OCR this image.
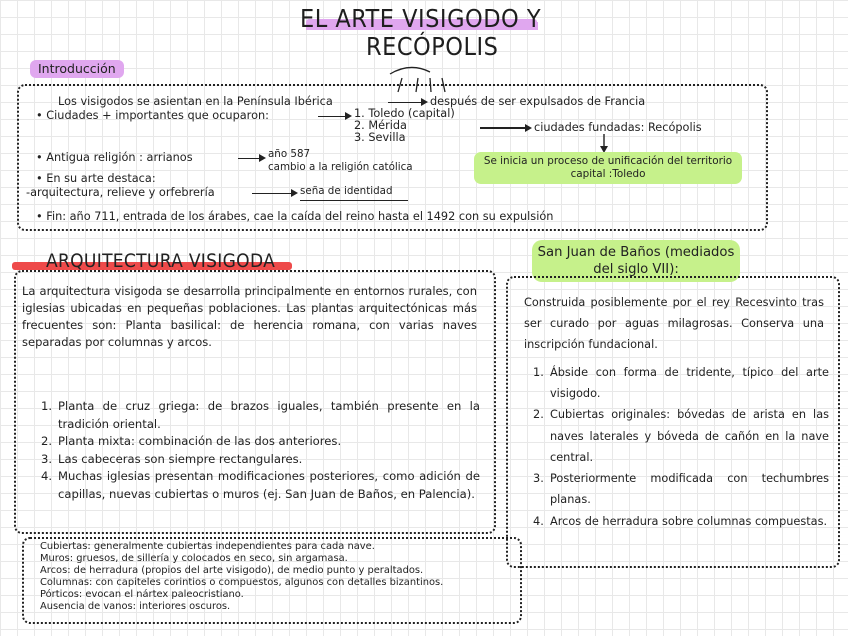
EL ARTE VISIGODO Y
RECÓPOLIS
Introducción
Los visigodos se asientan en la Península Ibérica	después de ser expulsados de Francia
• Ciudades + importantes que ocuparon:	1. Toledo (capital)
2. Mérida
3. Sevilla
ciudades fundadas: Recópolis
• Antigua religión : arrianos	año 587
cambio a la religión católica	Se inicia un proceso de unificación del territorio capital :Toledo
• En su arte destaca:
-arquitectura, relieve y orfebrería	seña de identidad
• Fin: año 711, entrada de los árabes, cae la caída del reino hasta el 1492 con su expulsión
ARQUITECTURA VISIGODA
La arquitectura visigoda se desarrolla principalmente en entornos rurales, con iglesias ubicadas en pequeñas poblaciones. Las plantas arquitectónicas más frecuentes son: Planta basilical: de herencia romana, con varias naves separadas por columnas y arcos.
Planta de cruz griega: de brazos iguales, también presente en la tradición oriental.
Planta mixta: combinación de las dos anteriores.
Las cabeceras son siempre rectangulares.
Muchas iglesias presentan modificaciones posteriores, como adición de capillas, nuevas cubiertas o muros (ej. San Juan de Baños, en Palencia).
Cubiertas: generalmente cubiertas independientes para cada nave.
Muros: gruesos, de sillería y colocados en seco, sin argamasa.
Arcos: de herradura (propios del arte visigodo), de medio punto y peraltados.
Columnas: con capiteles corintios o compuestos, algunos con detalles bizantinos.
Pórticos: evocan el nártex paleocristiano.
Ausencia de vanos: interiores oscuros.
San Juan de Baños (mediados del siglo VII):
Construida posiblemente por el rey Recesvinto tras ser curado por aguas milagrosas. Conserva una inscripción fundacional.
Ábside con forma de tridente, típico del arte visigodo.
Cubiertas originales: bóvedas de arista en las naves laterales y bóveda de cañón en la nave central.
Posteriormente modificada con techumbres planas.
Arcos de herradura sobre columnas compuestas.
